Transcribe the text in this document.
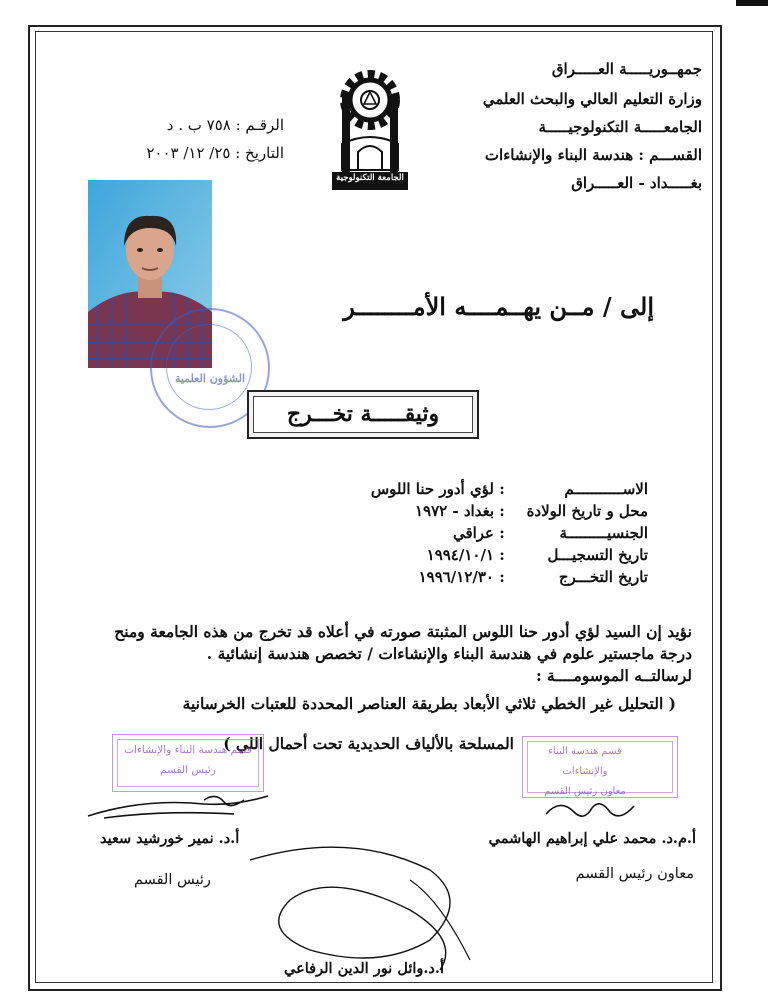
جمهــوريـــــة العـــــراق
وزارة التعليم العالي والبحث العلمي
الجامعـــــة التكنولوجيـــــة
القســـم : هندسة البناء والإنشاءات
بغـــــداد - العـــــراق
الرقـم : ٧٥٨ ب . د
التاريخ : ٢٥/ ١٢/ ٢٠٠٣
الجامعة التكنولوجية
الشؤون العلمية
إلى / مــن يهــمــــه الأمــــــــر
وثيقـــــة تخـــرج
الاســـــــــــم : لؤي أدور حنا اللوس
محل و تاريخ الولادة : بغداد - ١٩٧٢
الجنسيـــــــــة : عراقي
تاريخ التسجيـــل : ١٩٩٤/١٠/١
تاريخ التخـــرج : ١٩٩٦/١٢/٣٠
نؤيد إن السيد لؤي أدور حنا اللوس المثبتة صورته في أعلاه قد تخرج من هذه الجامعة ومنح
درجة ماجستير علوم في هندسة البناء والإنشاءات / تخصص هندسة إنشائية .
لرسالتــه الموسومــــة :
( التحليل غير الخطي ثلاثي الأبعاد بطريقة العناصر المحددة للعتبات الخرسانية
المسلحة بالألياف الحديدية تحت أحمال اللي )
قسم هندسة البناء والإنشاءات
رئيس القسم
قسم هندسة البناء والإنشاءات
معاون رئيس القسم
أ.د. نمير خورشيد سعيد
رئيس القسم
أ.م.د. محمد علي إبراهيم الهاشمي
معاون رئيس القسم
أ.د.وائل نور الدين الرفاعي
